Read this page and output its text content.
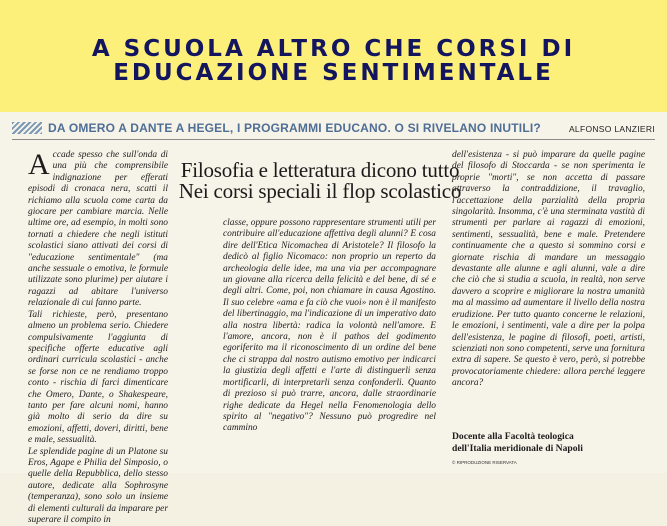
A SCUOLA ALTRO CHE CORSI DI
EDUCAZIONE SENTIMENTALE
DA OMERO A DANTE A HEGEL, I PROGRAMMI EDUCANO. O SI RIVELANO INUTILI?	ALFONSO LANZIERI
Filosofia e letteratura dicono tutto
Nei corsi speciali il flop scolastico

Accade spesso che sull'onda di una più che comprensibile indignazione per efferati episodi di cronaca nera, scatti il richiamo alla scuola come carta da giocare per cambiare marcia. Nelle ultime ore, ad esempio, in molti sono tornati a chiedere che negli istituti scolastici siano attivati dei corsi di "educazione sentimentale" (ma anche sessuale o emotiva, le formule utilizzate sono plurime) per aiutare i ragazzi ad abitare l'universo relazionale di cui fanno parte.
Tali richieste, però, presentano almeno un problema serio. Chiedere compulsivamente l'aggiunta di specifiche offerte educative agli ordinari curricula scolastici - anche se forse non ce ne rendiamo troppo conto - rischia di farci dimenticare che Omero, Dante, o Shakespeare, tanto per fare alcuni nomi, hanno già molto di serio da dire su emozioni, affetti, doveri, diritti, bene e male, sessualità.
Le splendide pagine di un Platone su Eros, Agape e Philia del Simposio, o quelle della Repubblica, dello stesso autore, dedicate alla Sophrosyne (temperanza), sono solo un insieme di elementi culturali da imparare per superare il compito in

classe, oppure possono rappresentare strumenti utili per contribuire all'educazione affettiva degli alunni? E cosa dire dell'Etica Nicomachea di Aristotele? Il filosofo la dedicò al figlio Nicomaco: non proprio un reperto da archeologia delle idee, ma una via per accompagnare un giovane alla ricerca della felicità e del bene, di sé e degli altri. Come, poi, non chiamare in causa Agostino. Il suo celebre «ama e fa ciò che vuoi» non è il manifesto del libertinaggio, ma l'indicazione di un imperativo dato alla nostra libertà: radica la volontà nell'amore. E l'amore, ancora, non è il pathos del godimento egoriferito ma il riconoscimento di un ordine del bene che ci strappa dal nostro autismo emotivo per indicarci la giustizia degli affetti e l'arte di distinguerli senza mortificarli, di interpretarli senza confonderli. Quanto di prezioso si può trarre, ancora, dalle straordinarie righe dedicate da Hegel nella Fenomenologia dello spirito al "negativo"? Nessuno può progredire nel cammino

dell'esistenza - si può imparare da quelle pagine del filosofo di Stoccarda - se non sperimenta le proprie "morti", se non accetta di passare attraverso la contraddizione, il travaglio, l'accettazione della parzialità della propria singolarità. Insomma, c'è una sterminata vastità di strumenti per parlare ai ragazzi di emozioni, sentimenti, sessualità, bene e male. Pretendere continuamente che a questo si sommino corsi e giornate rischia di mandare un messaggio devastante alle alunne e agli alunni, vale a dire che ciò che si studia a scuola, in realtà, non serve davvero a scoprire e migliorare la nostra umanità ma al massimo ad aumentare il livello della nostra erudizione. Per tutto quanto concerne le relazioni, le emozioni, i sentimenti, vale a dire per la polpa dell'esistenza, le pagine di filosofi, poeti, artisti, scienziati non sono competenti, serve una fornitura extra di sapere. Se questo è vero, però, si potrebbe provocatoriamente chiedere: allora perché leggere ancora?

Docente alla Facoltà teologica
dell'Italia meridionale di Napoli

© RIPRODUZIONE RISERVATA
